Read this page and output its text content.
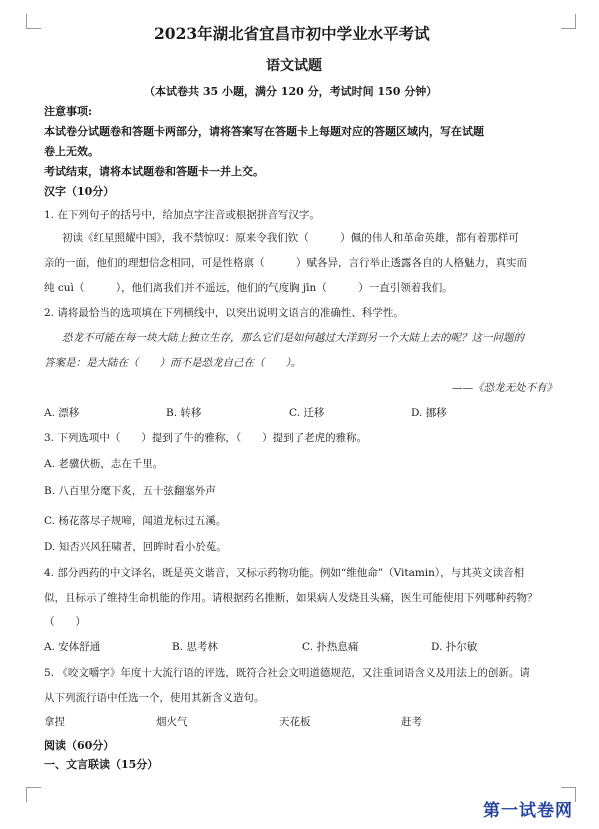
2023年湖北省宜昌市初中学业水平考试
语文试题
（本试卷共 35 小题，满分 120 分，考试时间 150 分钟）
注意事项:
本试卷分试题卷和答题卡两部分，请将答案写在答题卡上每题对应的答题区域内，写在试题
卷上无效。
考试结束，请将本试题卷和答题卡一并上交。
汉字（10分）
1. 在下列句子的括号中，给加点字注音或根据拼音写汉字。
初读《红星照耀中国》，我不禁惊叹：原来令我们钦（　　　）佩的伟人和革命英雄，都有着那样可
亲的一面，他们的理想信念相同，可是性格禀（　　　）赋各异，言行举止透露各自的人格魅力，真实而
纯 cuì（　　　），他们离我们并不遥远，他们的气度胸 jīn（　　　）一直引领着我们。
2. 请将最恰当的选项填在下列横线中，以突出说明文语言的准确性、科学性。
恐龙不可能在每一块大陆上独立生存，那么它们是如何越过大洋到另一个大陆上去的呢？这一问题的
答案是：是大陆在（　　）而不是恐龙自己在（　　）。
——《恐龙无处不有》
A. 漂移	B. 转移	C. 迁移	D. 挪移
3. 下列选项中（　　）提到了牛的雅称，（　　）提到了老虎的雅称。
A. 老骥伏枥，志在千里。
B. 八百里分麾下炙，五十弦翻塞外声
C. 杨花落尽子规啼，闻道龙标过五溪。
D. 知否兴风狂啸者，回眸时看小於菟。
4. 部分西药的中文译名，既是英文谐音，又标示药物功能。例如“维他命”（Vitamin），与其英文读音相
似，且标示了维持生命机能的作用。请根据药名推断，如果病人发烧且头痛，医生可能使用下列哪种药物？
（　　）
A. 安体舒通	B. 思考林	C. 扑热息痛	D. 扑尔敏
5. 《咬文嚼字》年度十大流行语的评选，既符合社会文明道德规范，又注重词语含义及用法上的创新。请
从下列流行语中任选一个，使用其新含义造句。
拿捏	烟火气	天花板	赶考
阅读（60分）
一、文言联读（15分）
第一试卷网
